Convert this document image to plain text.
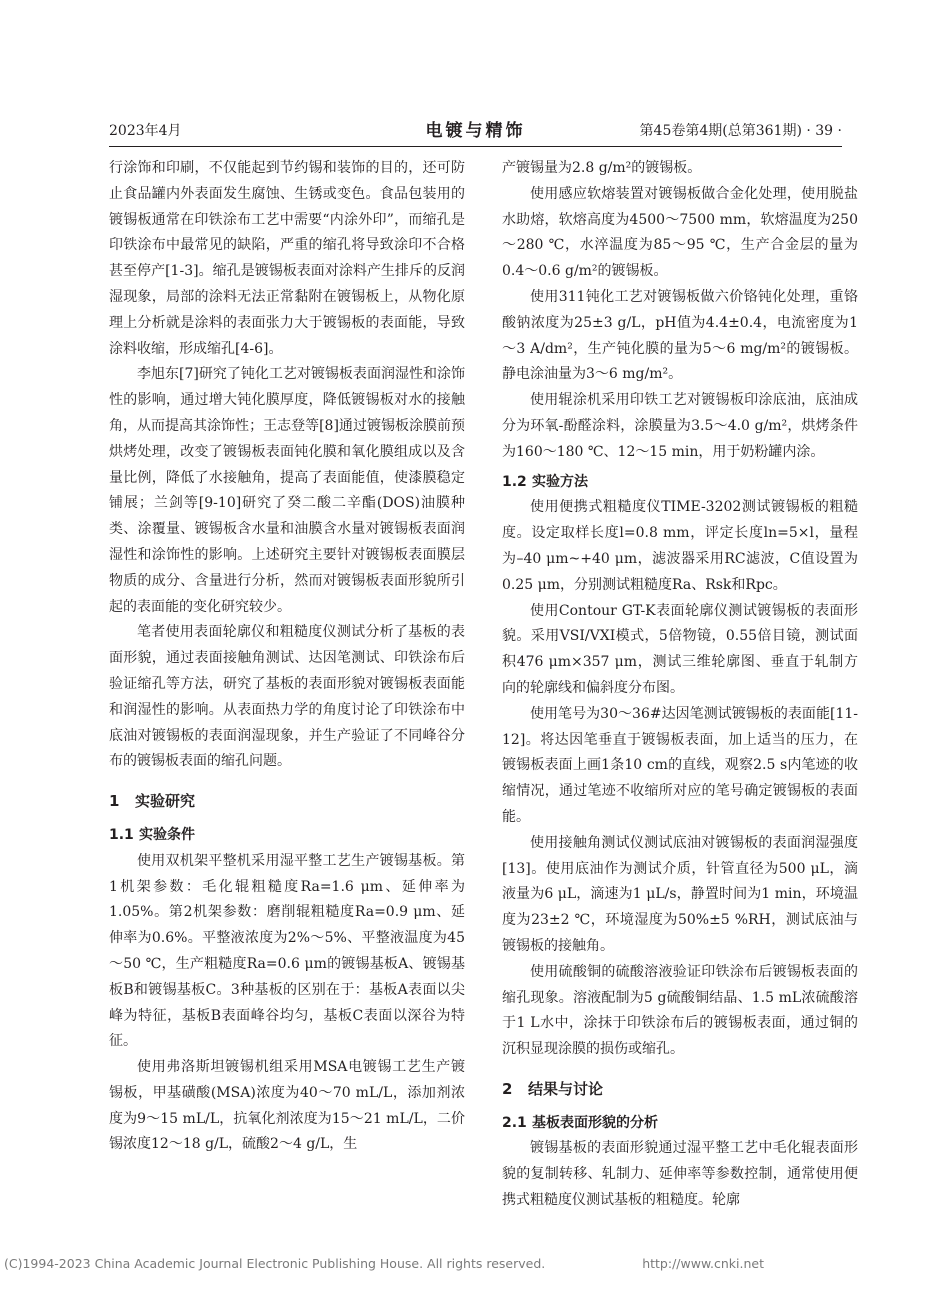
2023年4月	电镀与精饰	第45卷第4期(总第361期) · 39 ·

行涂饰和印刷，不仅能起到节约锡和装饰的目的，还可防止食品罐内外表面发生腐蚀、生锈或变色。食品包装用的镀锡板通常在印铁涂布工艺中需要“内涂外印”，而缩孔是印铁涂布中最常见的缺陷，严重的缩孔将导致涂印不合格甚至停产[1-3]。缩孔是镀锡板表面对涂料产生排斥的反润湿现象，局部的涂料无法正常黏附在镀锡板上，从物化原理上分析就是涂料的表面张力大于镀锡板的表面能，导致涂料收缩，形成缩孔[4-6]。

李旭东[7]研究了钝化工艺对镀锡板表面润湿性和涂饰性的影响，通过增大钝化膜厚度，降低镀锡板对水的接触角，从而提高其涂饰性；王志登等[8]通过镀锡板涂膜前预烘烤处理，改变了镀锡板表面钝化膜和氧化膜组成以及含量比例，降低了水接触角，提高了表面能值，使漆膜稳定铺展；兰剑等[9-10]研究了癸二酸二辛酯(DOS)油膜种类、涂覆量、镀锡板含水量和油膜含水量对镀锡板表面润湿性和涂饰性的影响。上述研究主要针对镀锡板表面膜层物质的成分、含量进行分析，然而对镀锡板表面形貌所引起的表面能的变化研究较少。

笔者使用表面轮廓仪和粗糙度仪测试分析了基板的表面形貌，通过表面接触角测试、达因笔测试、印铁涂布后验证缩孔等方法，研究了基板的表面形貌对镀锡板表面能和润湿性的影响。从表面热力学的角度讨论了印铁涂布中底油对镀锡板的表面润湿现象，并生产验证了不同峰谷分布的镀锡板表面的缩孔问题。

1 实验研究
1.1 实验条件

使用双机架平整机采用湿平整工艺生产镀锡基板。第1机架参数：毛化辊粗糙度Ra=1.6 μm、延伸率为1.05%。第2机架参数：磨削辊粗糙度Ra=0.9 μm、延伸率为0.6%。平整液浓度为2%～5%、平整液温度为45～50 ℃，生产粗糙度Ra=0.6 μm的镀锡基板A、镀锡基板B和镀锡基板C。3种基板的区别在于：基板A表面以尖峰为特征，基板B表面峰谷均匀，基板C表面以深谷为特征。

使用弗洛斯坦镀锡机组采用MSA电镀锡工艺生产镀锡板，甲基磺酸(MSA)浓度为40～70 mL/L，添加剂浓度为9～15 mL/L，抗氧化剂浓度为15～21 mL/L，二价锡浓度12～18 g/L，硫酸2～4 g/L，生

产镀锡量为2.8 g/m²的镀锡板。

使用感应软熔装置对镀锡板做合金化处理，使用脱盐水助熔，软熔高度为4500～7500 mm，软熔温度为250～280 ℃，水淬温度为85～95 ℃，生产合金层的量为0.4～0.6 g/m²的镀锡板。

使用311钝化工艺对镀锡板做六价铬钝化处理，重铬酸钠浓度为25±3 g/L，pH值为4.4±0.4，电流密度为1～3 A/dm²，生产钝化膜的量为5～6 mg/m²的镀锡板。静电涂油量为3～6 mg/m²。

使用辊涂机采用印铁工艺对镀锡板印涂底油，底油成分为环氧-酚醛涂料，涂膜量为3.5～4.0 g/m²，烘烤条件为160～180 ℃、12～15 min，用于奶粉罐内涂。

1.2 实验方法

使用便携式粗糙度仪TIME-3202测试镀锡板的粗糙度。设定取样长度l=0.8 mm，评定长度ln=5×l，量程为–40 μm~+40 μm，滤波器采用RC滤波，C值设置为0.25 μm，分别测试粗糙度Ra、Rsk和Rpc。

使用Contour GT-K表面轮廓仪测试镀锡板的表面形貌。采用VSI/VXI模式，5倍物镜，0.55倍目镜，测试面积476 μm×357 μm，测试三维轮廓图、垂直于轧制方向的轮廓线和偏斜度分布图。

使用笔号为30～36#达因笔测试镀锡板的表面能[11-12]。将达因笔垂直于镀锡板表面，加上适当的压力，在镀锡板表面上画1条10 cm的直线，观察2.5 s内笔迹的收缩情况，通过笔迹不收缩所对应的笔号确定镀锡板的表面能。

使用接触角测试仪测试底油对镀锡板的表面润湿强度[13]。使用底油作为测试介质，针管直径为500 μL，滴液量为6 μL，滴速为1 μL/s，静置时间为1 min，环境温度为23±2 ℃，环境湿度为50%±5 %RH，测试底油与镀锡板的接触角。

使用硫酸铜的硫酸溶液验证印铁涂布后镀锡板表面的缩孔现象。溶液配制为5 g硫酸铜结晶、1.5 mL浓硫酸溶于1 L水中，涂抹于印铁涂布后的镀锡板表面，通过铜的沉积显现涂膜的损伤或缩孔。

2 结果与讨论
2.1 基板表面形貌的分析

镀锡基板的表面形貌通过湿平整工艺中毛化辊表面形貌的复制转移、轧制力、延伸率等参数控制，通常使用便携式粗糙度仪测试基板的粗糙度。轮廓

(C)1994-2023 China Academic Journal Electronic Publishing House. All rights reserved.	http://www.cnki.net
